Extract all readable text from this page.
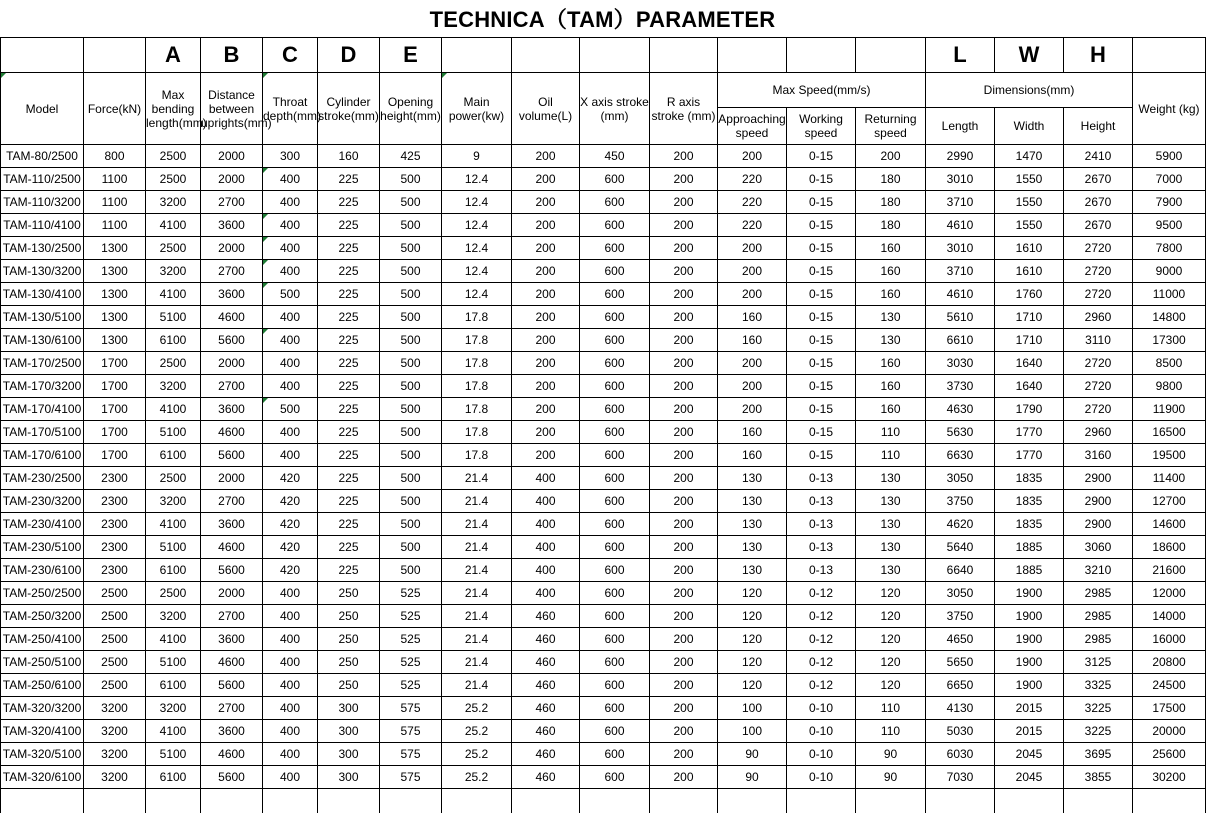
TECHNICA（TAM）PARAMETER
		A	B	C	D	E								L	W	H	
Model	Force(kN)	Max bending length(mm)	Distance between uprights(mm)	Throat depth(mm)	Cylinder stroke(mm)	Opening height(mm)	Main power(kw)	Oil volume(L)	X axis stroke (mm)	R axis stroke (mm)	Max Speed(mm/s)			Dimensions(mm)			Weight (kg)
											Approaching speed	Working speed	Returning speed	Length	Width	Height	
TAM-80/2500	800	2500	2000	300	160	425	9	200	450	200	200	0-15	200	2990	1470	2410	5900
TAM-110/2500	1100	2500	2000	400	225	500	12.4	200	600	200	220	0-15	180	3010	1550	2670	7000
TAM-110/3200	1100	3200	2700	400	225	500	12.4	200	600	200	220	0-15	180	3710	1550	2670	7900
TAM-110/4100	1100	4100	3600	400	225	500	12.4	200	600	200	220	0-15	180	4610	1550	2670	9500
TAM-130/2500	1300	2500	2000	400	225	500	12.4	200	600	200	200	0-15	160	3010	1610	2720	7800
TAM-130/3200	1300	3200	2700	400	225	500	12.4	200	600	200	200	0-15	160	3710	1610	2720	9000
TAM-130/4100	1300	4100	3600	500	225	500	12.4	200	600	200	200	0-15	160	4610	1760	2720	11000
TAM-130/5100	1300	5100	4600	400	225	500	17.8	200	600	200	160	0-15	130	5610	1710	2960	14800
TAM-130/6100	1300	6100	5600	400	225	500	17.8	200	600	200	160	0-15	130	6610	1710	3110	17300
TAM-170/2500	1700	2500	2000	400	225	500	17.8	200	600	200	200	0-15	160	3030	1640	2720	8500
TAM-170/3200	1700	3200	2700	400	225	500	17.8	200	600	200	200	0-15	160	3730	1640	2720	9800
TAM-170/4100	1700	4100	3600	500	225	500	17.8	200	600	200	200	0-15	160	4630	1790	2720	11900
TAM-170/5100	1700	5100	4600	400	225	500	17.8	200	600	200	160	0-15	110	5630	1770	2960	16500
TAM-170/6100	1700	6100	5600	400	225	500	17.8	200	600	200	160	0-15	110	6630	1770	3160	19500
TAM-230/2500	2300	2500	2000	420	225	500	21.4	400	600	200	130	0-13	130	3050	1835	2900	11400
TAM-230/3200	2300	3200	2700	420	225	500	21.4	400	600	200	130	0-13	130	3750	1835	2900	12700
TAM-230/4100	2300	4100	3600	420	225	500	21.4	400	600	200	130	0-13	130	4620	1835	2900	14600
TAM-230/5100	2300	5100	4600	420	225	500	21.4	400	600	200	130	0-13	130	5640	1885	3060	18600
TAM-230/6100	2300	6100	5600	420	225	500	21.4	400	600	200	130	0-13	130	6640	1885	3210	21600
TAM-250/2500	2500	2500	2000	400	250	525	21.4	400	600	200	120	0-12	120	3050	1900	2985	12000
TAM-250/3200	2500	3200	2700	400	250	525	21.4	460	600	200	120	0-12	120	3750	1900	2985	14000
TAM-250/4100	2500	4100	3600	400	250	525	21.4	460	600	200	120	0-12	120	4650	1900	2985	16000
TAM-250/5100	2500	5100	4600	400	250	525	21.4	460	600	200	120	0-12	120	5650	1900	3125	20800
TAM-250/6100	2500	6100	5600	400	250	525	21.4	460	600	200	120	0-12	120	6650	1900	3325	24500
TAM-320/3200	3200	3200	2700	400	300	575	25.2	460	600	200	100	0-10	110	4130	2015	3225	17500
TAM-320/4100	3200	4100	3600	400	300	575	25.2	460	600	200	100	0-10	110	5030	2015	3225	20000
TAM-320/5100	3200	5100	4600	400	300	575	25.2	460	600	200	90	0-10	90	6030	2045	3695	25600
TAM-320/6100	3200	6100	5600	400	300	575	25.2	460	600	200	90	0-10	90	7030	2045	3855	30200
